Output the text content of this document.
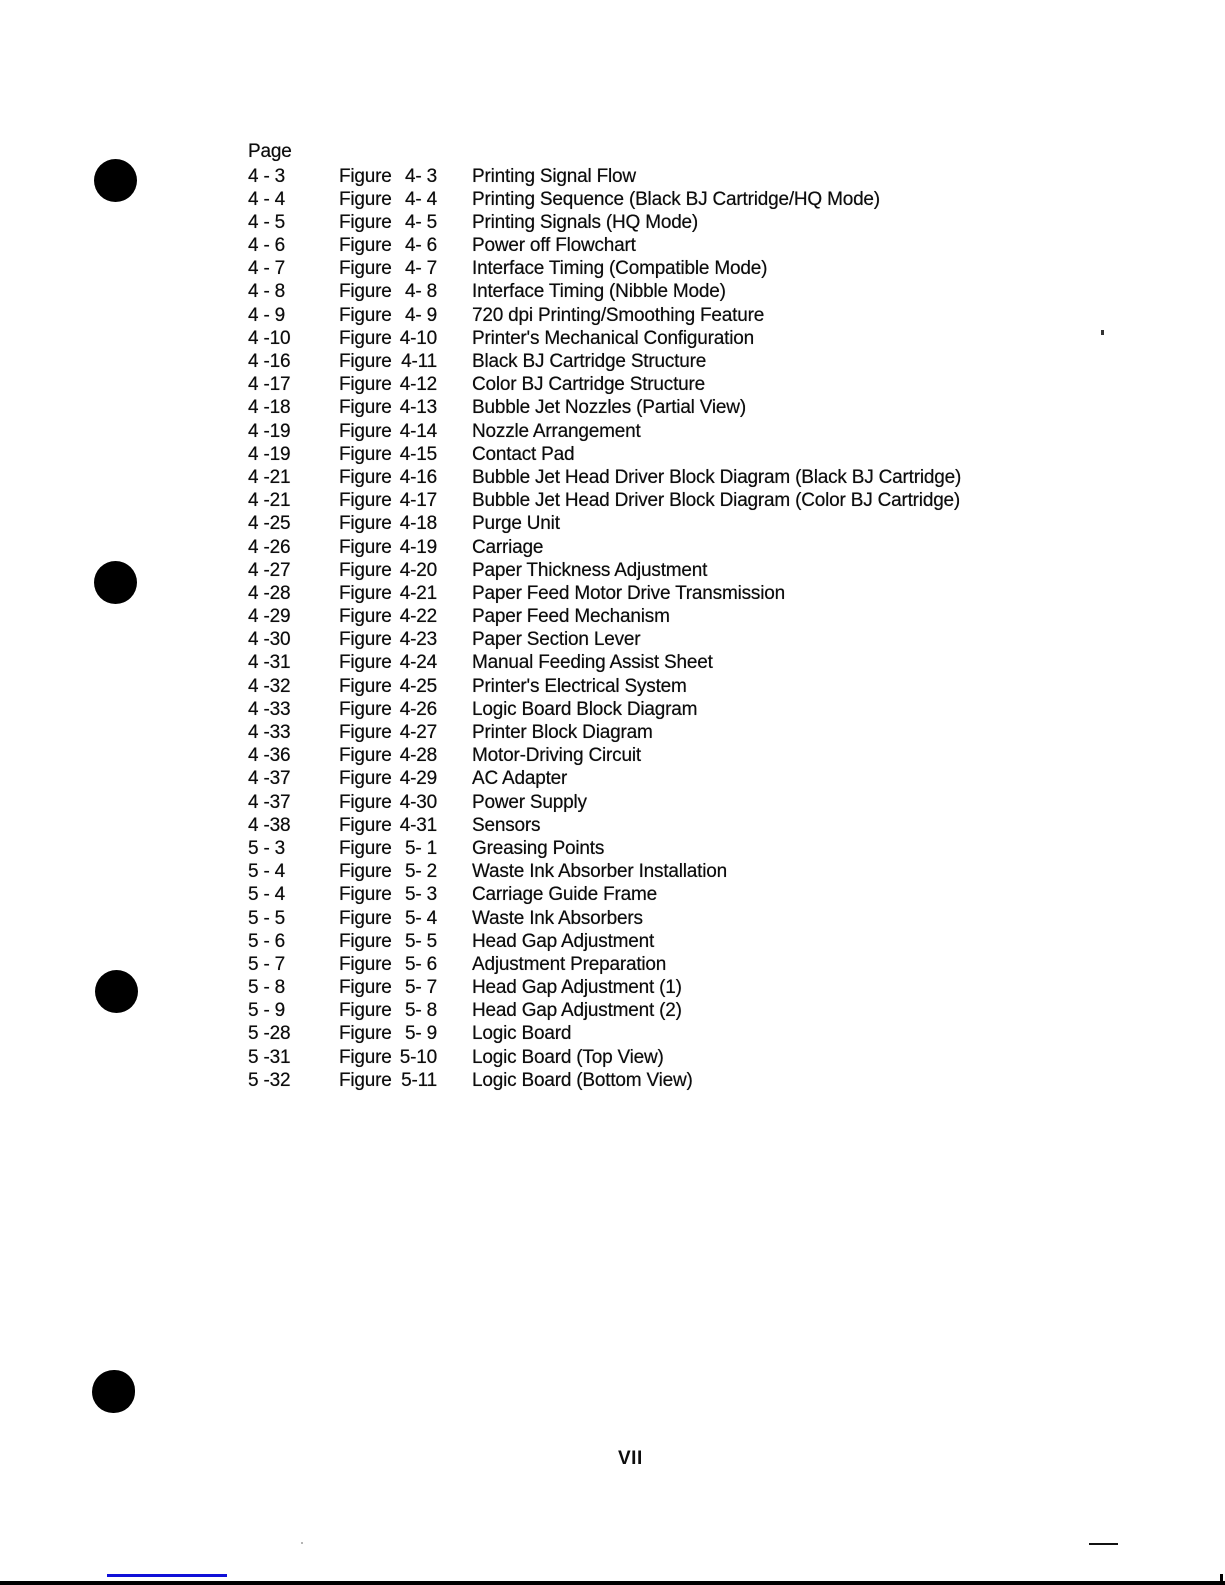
Page
4 - 3	Figure 4- 3 Printing Signal Flow
4 - 4	Figure 4- 4 Printing Sequence (Black BJ Cartridge/HQ Mode)
4 - 5	Figure 4- 5 Printing Signals (HQ Mode)
4 - 6	Figure 4- 6 Power off Flowchart
4 - 7	Figure 4- 7 Interface Timing (Compatible Mode)
4 - 8	Figure 4- 8 Interface Timing (Nibble Mode)
4 - 9	Figure 4- 9 720 dpi Printing/Smoothing Feature
4 -10	Figure 4-10 Printer's Mechanical Configuration
4 -16	Figure 4-11 Black BJ Cartridge Structure
4 -17	Figure 4-12 Color BJ Cartridge Structure
4 -18	Figure 4-13 Bubble Jet Nozzles (Partial View)
4 -19	Figure 4-14 Nozzle Arrangement
4 -19	Figure 4-15 Contact Pad
4 -21	Figure 4-16 Bubble Jet Head Driver Block Diagram (Black BJ Cartridge)
4 -21	Figure 4-17 Bubble Jet Head Driver Block Diagram (Color BJ Cartridge)
4 -25	Figure 4-18 Purge Unit
4 -26	Figure 4-19 Carriage
4 -27	Figure 4-20 Paper Thickness Adjustment
4 -28	Figure 4-21 Paper Feed Motor Drive Transmission
4 -29	Figure 4-22 Paper Feed Mechanism
4 -30	Figure 4-23 Paper Section Lever
4 -31	Figure 4-24 Manual Feeding Assist Sheet
4 -32	Figure 4-25 Printer's Electrical System
4 -33	Figure 4-26 Logic Board Block Diagram
4 -33	Figure 4-27 Printer Block Diagram
4 -36	Figure 4-28 Motor-Driving Circuit
4 -37	Figure 4-29 AC Adapter
4 -37	Figure 4-30 Power Supply
4 -38	Figure 4-31 Sensors
5 - 3	Figure 5- 1 Greasing Points
5 - 4	Figure 5- 2 Waste Ink Absorber Installation
5 - 4	Figure 5- 3 Carriage Guide Frame
5 - 5	Figure 5- 4 Waste Ink Absorbers
5 - 6	Figure 5- 5 Head Gap Adjustment
5 - 7	Figure 5- 6 Adjustment Preparation
5 - 8	Figure 5- 7 Head Gap Adjustment (1)
5 - 9	Figure 5- 8 Head Gap Adjustment (2)
5 -28	Figure 5- 9 Logic Board
5 -31	Figure 5-10 Logic Board (Top View)
5 -32	Figure 5-11 Logic Board (Bottom View)
VII
